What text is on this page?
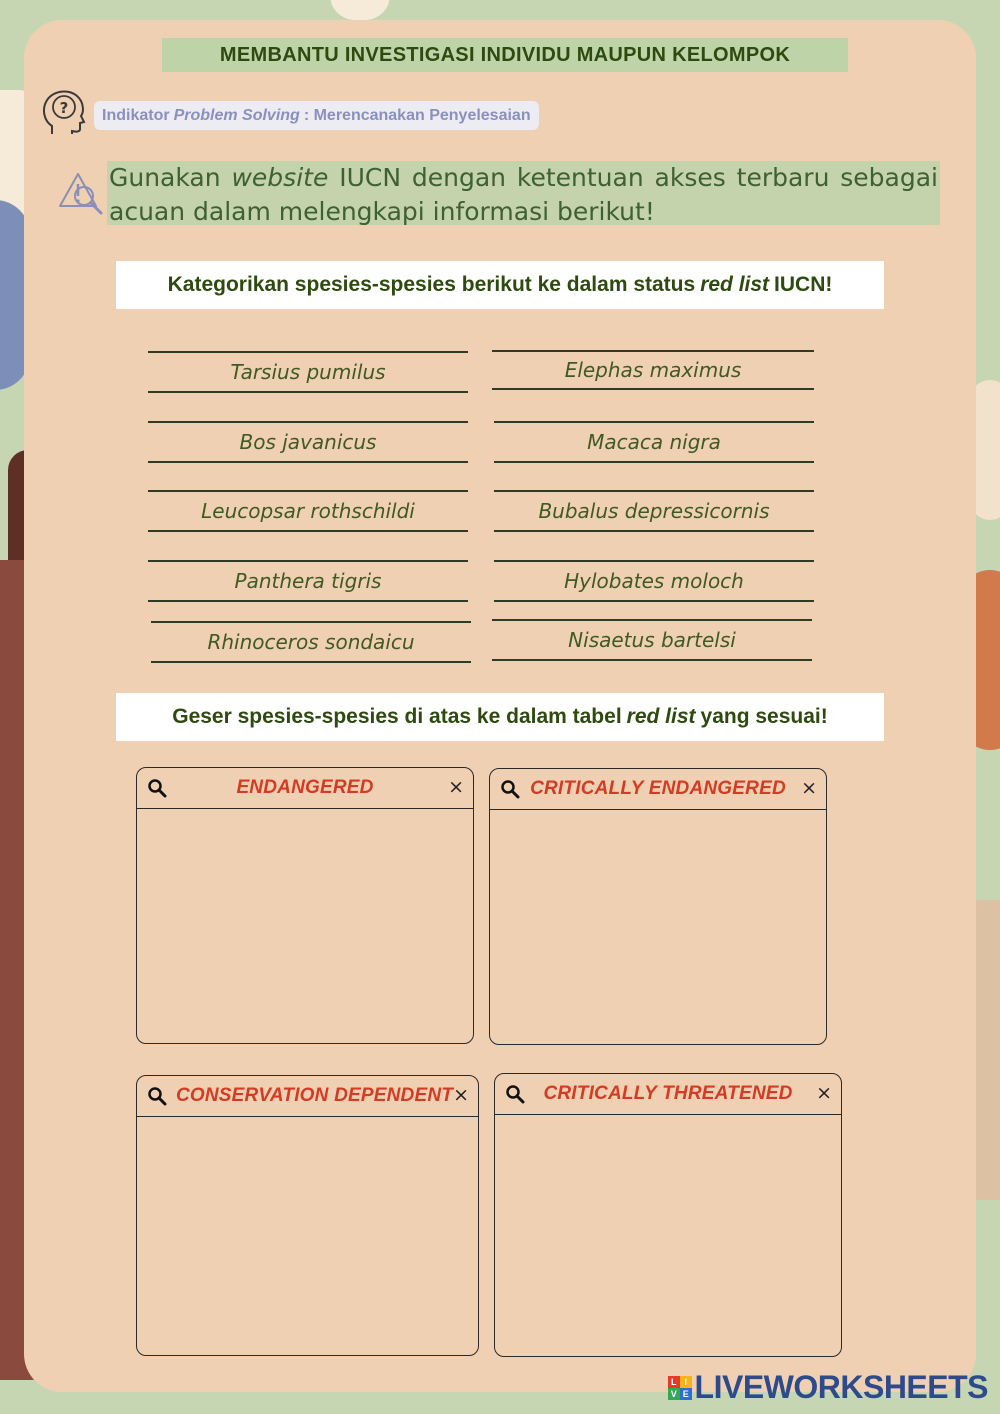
MEMBANTU INVESTIGASI INDIVIDU MAUPUN KELOMPOK
? Indikator Problem Solving : Merencanakan Penyelesaian
Gunakan website IUCN dengan ketentuan akses terbaru sebagai acuan dalam melengkapi informasi berikut!
Kategorikan spesies-spesies berikut ke dalam status red list IUCN!
Tarsius pumilus	Elephas maximus
Bos javanicus	Macaca nigra
Leucopsar rothschildi	Bubalus depressicornis
Panthera tigris	Hylobates moloch
Rhinoceros sondaicu	Nisaetus bartelsi
Geser spesies-spesies di atas ke dalam tabel red list yang sesuai!
ENDANGERED	×	CRITICALLY ENDANGERED ×
CONSERVATION DEPENDENT ×	CRITICALLY THREATENED ×
L I
V E LIVEWORKSHEETS
